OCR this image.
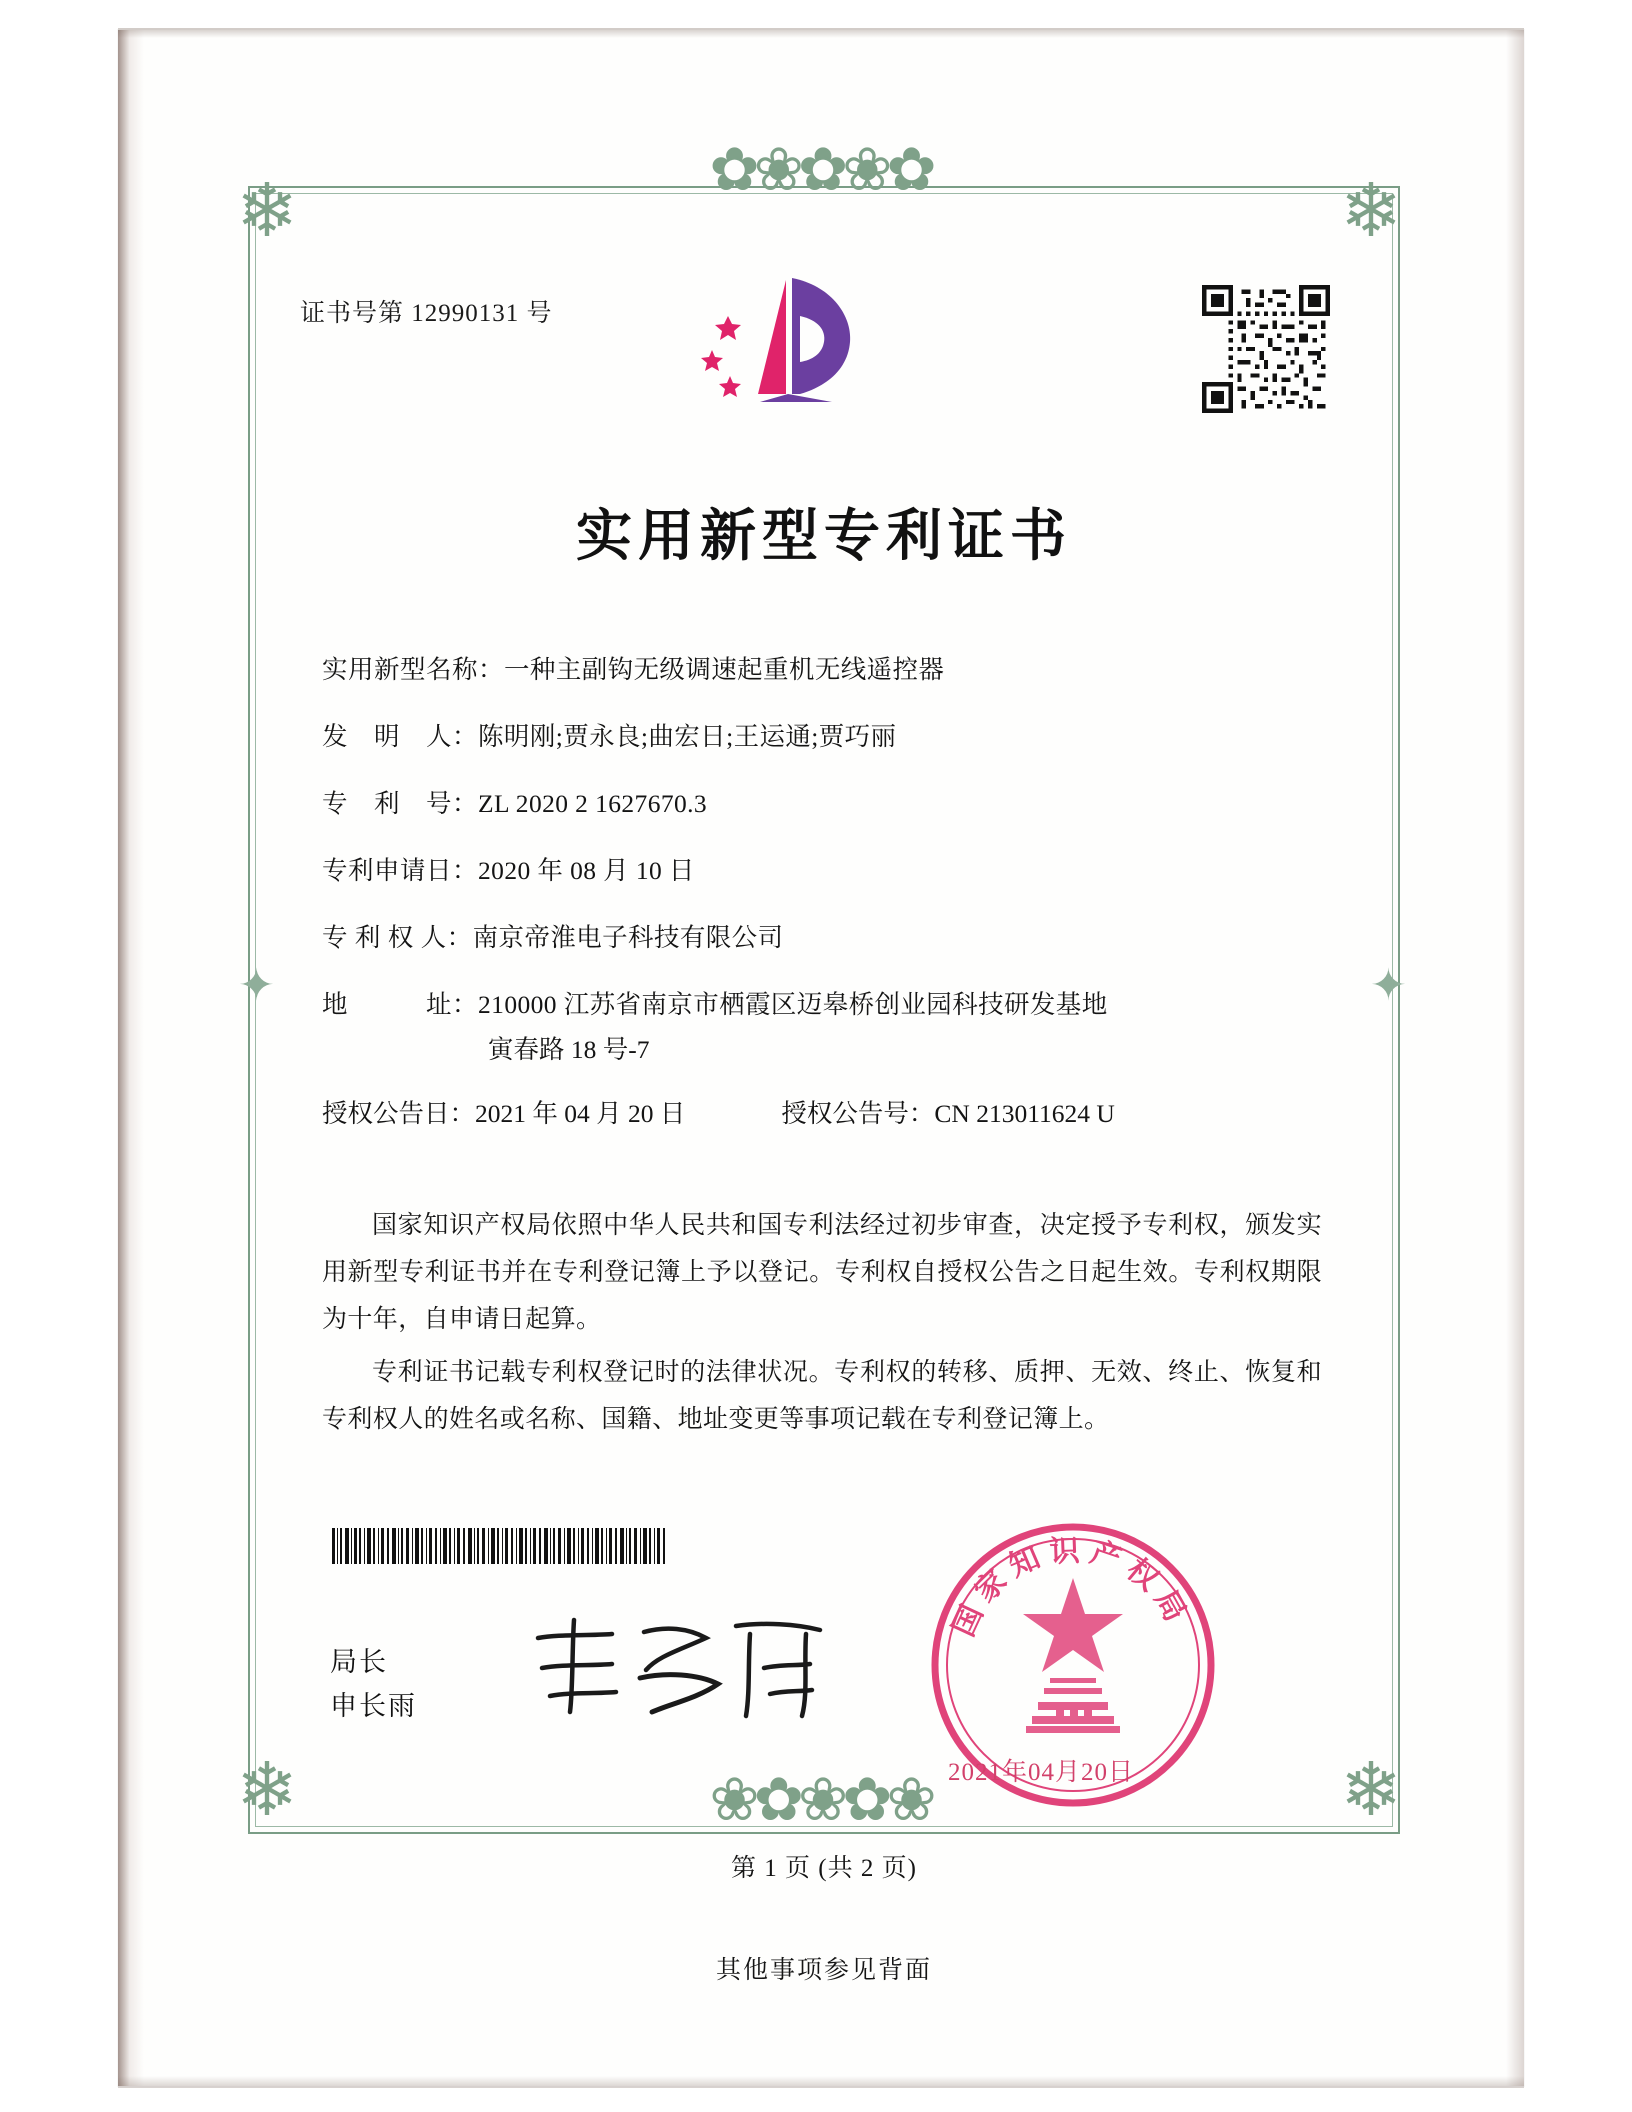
✿❀✿❀✿
❀✿❀✿❀
❄	❄
❄	❄
✦	✦
证书号第 12990131 号
实用新型专利证书
实用新型名称： 一种主副钩无级调速起重机无线遥控器
发　明　人： 陈明刚;贾永良;曲宏日;王运通;贾巧丽
专　利　号： ZL 2020 2 1627670.3
专利申请日： 2020 年 08 月 10 日
专 利 权 人： 南京帝淮电子科技有限公司
地　　　址： 210000 江苏省南京市栖霞区迈皋桥创业园科技研发基地
寅春路 18 号-7
授权公告日：2021 年 04 月 20 日	授权公告号：CN 213011624 U

国家知识产权局依照中华人民共和国专利法经过初步审查，决定授予专利权，颁发实用新型专利证书并在专利登记簿上予以登记。专利权自授权公告之日起生效。专利权期限为十年，自申请日起算。

专利证书记载专利权登记时的法律状况。专利权的转移、质押、无效、终止、恢复和专利权人的姓名或名称、国籍、地址变更等事项记载在专利登记簿上。

局长
申长雨
国家知识产权局
2021年04月20日
第 1 页 (共 2 页)
其他事项参见背面
